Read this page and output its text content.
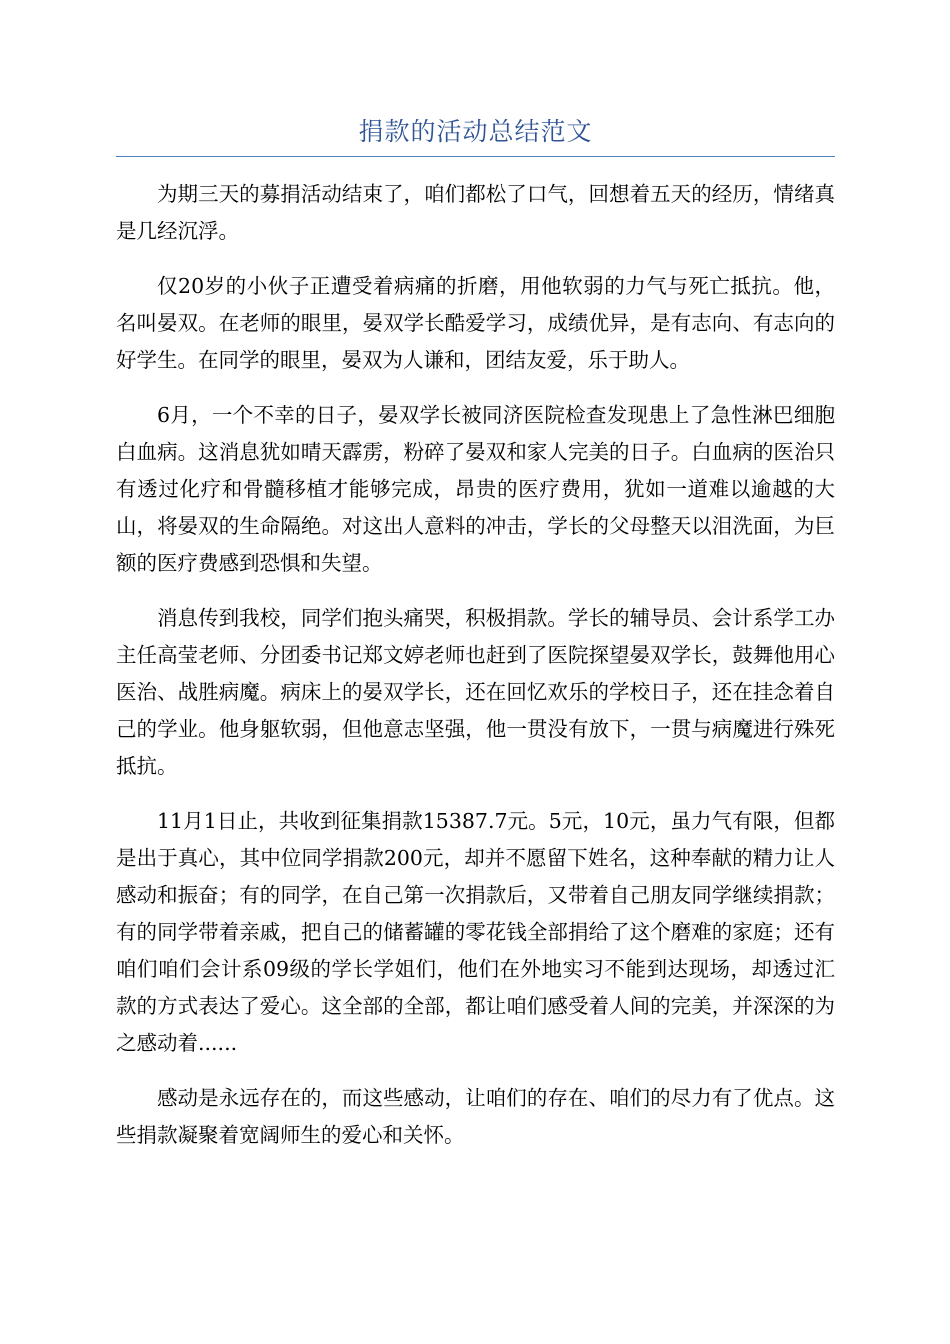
捐款的活动总结范文

为期三天的募捐活动结束了，咱们都松了口气，回想着五天的经历，情绪真是几经沉浮。

仅20岁的小伙子正遭受着病痛的折磨，用他软弱的力气与死亡抵抗。他，名叫晏双。在老师的眼里，晏双学长酷爱学习，成绩优异，是有志向、有志向的好学生。在同学的眼里，晏双为人谦和，团结友爱，乐于助人。

6月，一个不幸的日子，晏双学长被同济医院检查发现患上了急性淋巴细胞白血病。这消息犹如晴天霹雳，粉碎了晏双和家人完美的日子。白血病的医治只有透过化疗和骨髓移植才能够完成，昂贵的医疗费用，犹如一道难以逾越的大山，将晏双的生命隔绝。对这出人意料的冲击，学长的父母整天以泪洗面，为巨额的医疗费感到恐惧和失望。

消息传到我校，同学们抱头痛哭，积极捐款。学长的辅导员、会计系学工办主任高莹老师、分团委书记郑文婷老师也赶到了医院探望晏双学长，鼓舞他用心医治、战胜病魔。病床上的晏双学长，还在回忆欢乐的学校日子，还在挂念着自己的学业。他身躯软弱，但他意志坚强，他一贯没有放下，一贯与病魔进行殊死抵抗。

11月1日止，共收到征集捐款15387.7元。5元，10元，虽力气有限，但都是出于真心，其中位同学捐款200元，却并不愿留下姓名，这种奉献的精力让人感动和振奋；有的同学，在自己第一次捐款后，又带着自己朋友同学继续捐款；有的同学带着亲戚，把自己的储蓄罐的零花钱全部捐给了这个磨难的家庭；还有咱们咱们会计系09级的学长学姐们，他们在外地实习不能到达现场，却透过汇款的方式表达了爱心。这全部的全部，都让咱们感受着人间的完美，并深深的为之感动着......

感动是永远存在的，而这些感动，让咱们的存在、咱们的尽力有了优点。这些捐款凝聚着宽阔师生的爱心和关怀。
